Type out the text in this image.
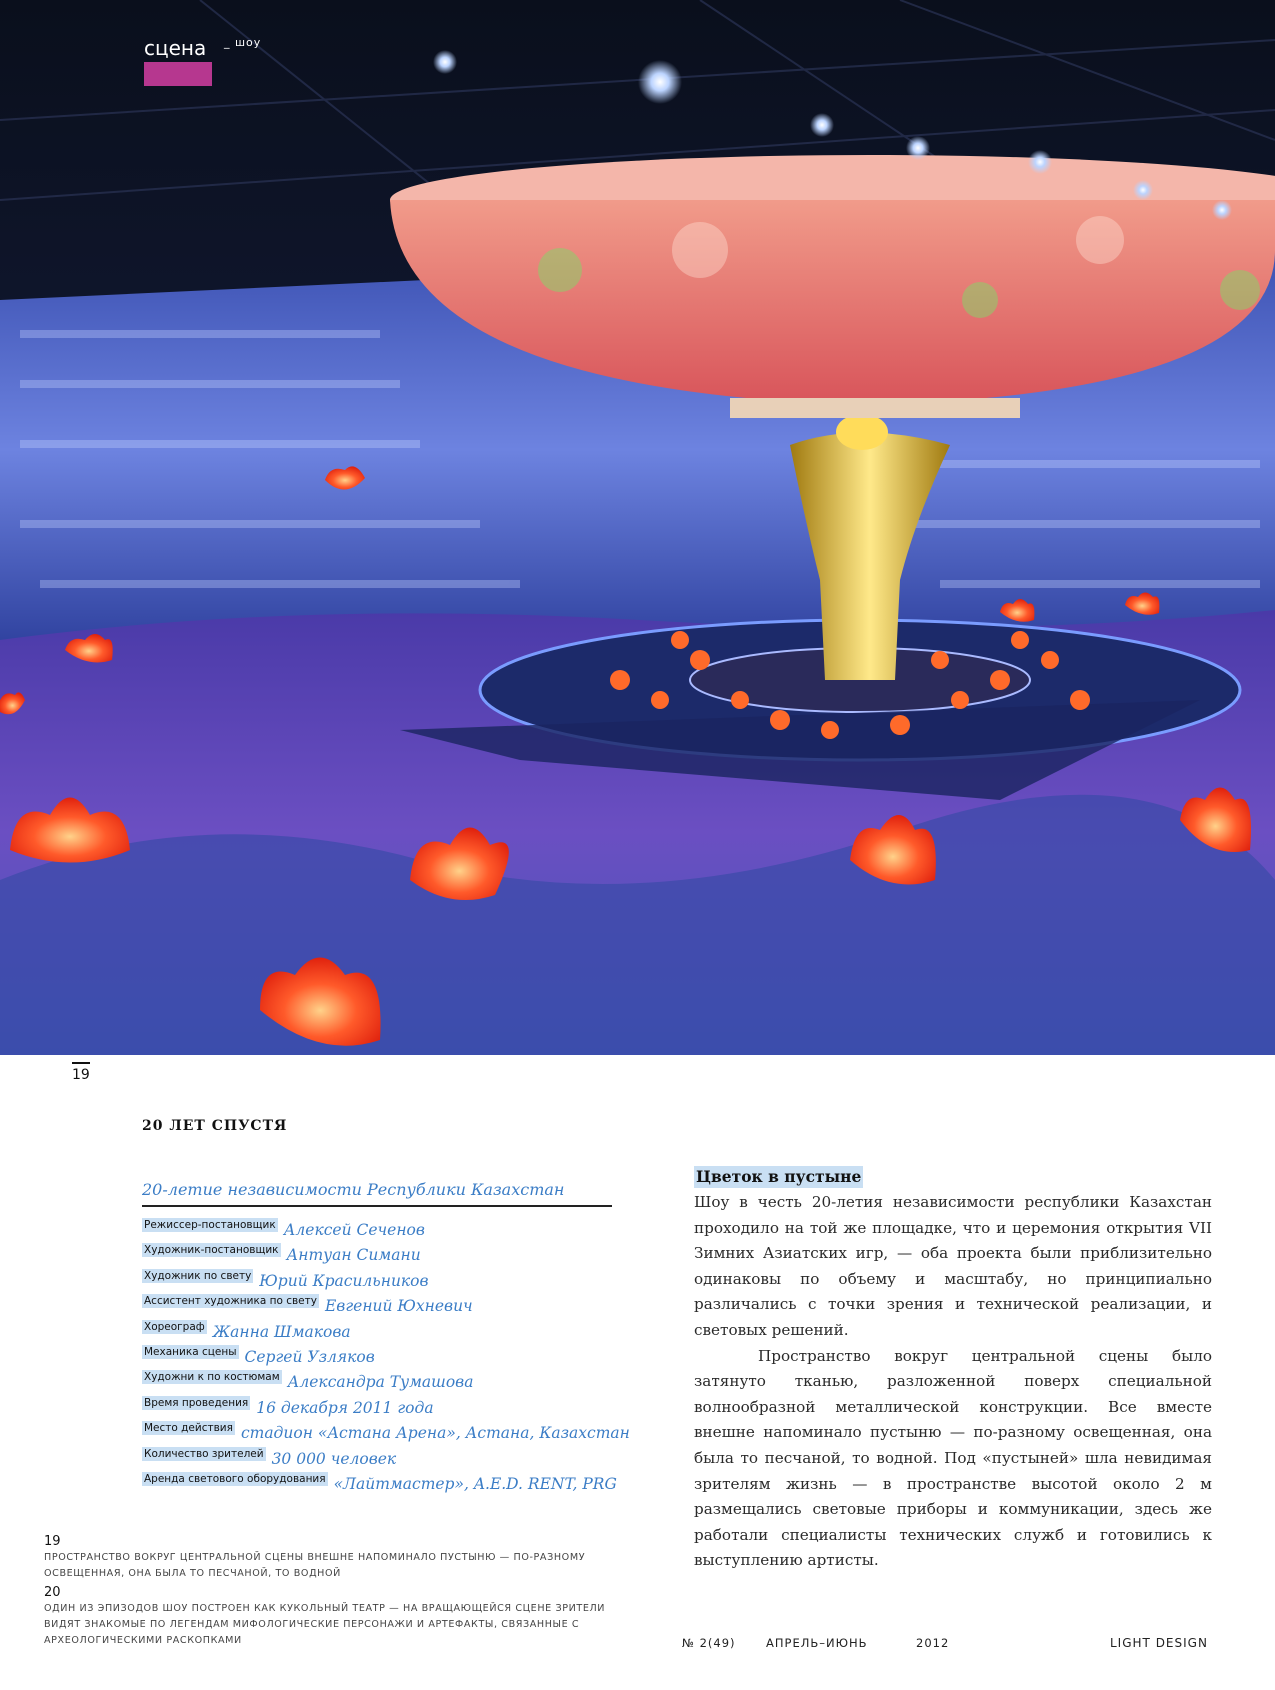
сцена	_ шоу
19
20 ЛЕТ СПУСТЯ
20-летие независимости Республики Казахстан
Режиссер-постановщик Алексей Сеченов
Художник-постановщик Антуан Симани
Художник по свету Юрий Красильников
Ассистент художника по свету Евгений Юхневич
Хореограф Жанна Шмакова
Механика сцены Сергей Узляков
Художни к по костюмам Александра Тумашова
Время проведения 16 декабря 2011 года
Место действия стадион «Астана Арена», Астана, Казахстан
Количество зрителей 30 000 человек
Аренда светового оборудования «Лайтмастер», A.E.D. RENT, PRG
19
ПРОСТРАНСТВО ВОКРУГ ЦЕНТРАЛЬНОЙ СЦЕНЫ ВНЕШНЕ НАПОМИНАЛО ПУСТЫНЮ — ПО-РАЗНОМУ ОСВЕЩЕННАЯ, ОНА БЫЛА ТО ПЕСЧАНОЙ, ТО ВОДНОЙ
20
ОДИН ИЗ ЭПИЗОДОВ ШОУ ПОСТРОЕН КАК КУКОЛЬНЫЙ ТЕАТР — НА ВРАЩАЮЩЕЙСЯ СЦЕНЕ ЗРИТЕЛИ ВИДЯТ ЗНАКОМЫЕ ПО ЛЕГЕНДАМ МИФОЛОГИЧЕСКИЕ ПЕРСОНАЖИ И АРТЕФАКТЫ, СВЯЗАННЫЕ С АРХЕОЛОГИЧЕСКИМИ РАСКОПКАМИ
Цветок в пустыне

Шоу в честь 20-летия независимости республики Казахстан проходило на той же площадке, что и церемония открытия VII Зимних Азиатских игр, — оба проекта были приблизительно одинаковы по объему и масштабу, но принципиально различались с точки зрения и технической реализации, и световых решений.

Пространство вокруг центральной сцены было затянуто тканью, разложенной поверх специальной волнообразной металлической конструкции. Все вместе внешне напоминало пустыню — по-разному освещенная, она была то песчаной, то водной. Под «пустыней» шла невидимая зрителям жизнь — в пространстве высотой около 2 м размещались световые приборы и коммуникации, здесь же работали специалисты технических служб и готовились к выступлению артисты.

№ 2(49)	АПРЕЛЬ–ИЮНЬ	2012	LIGHT DESIGN
